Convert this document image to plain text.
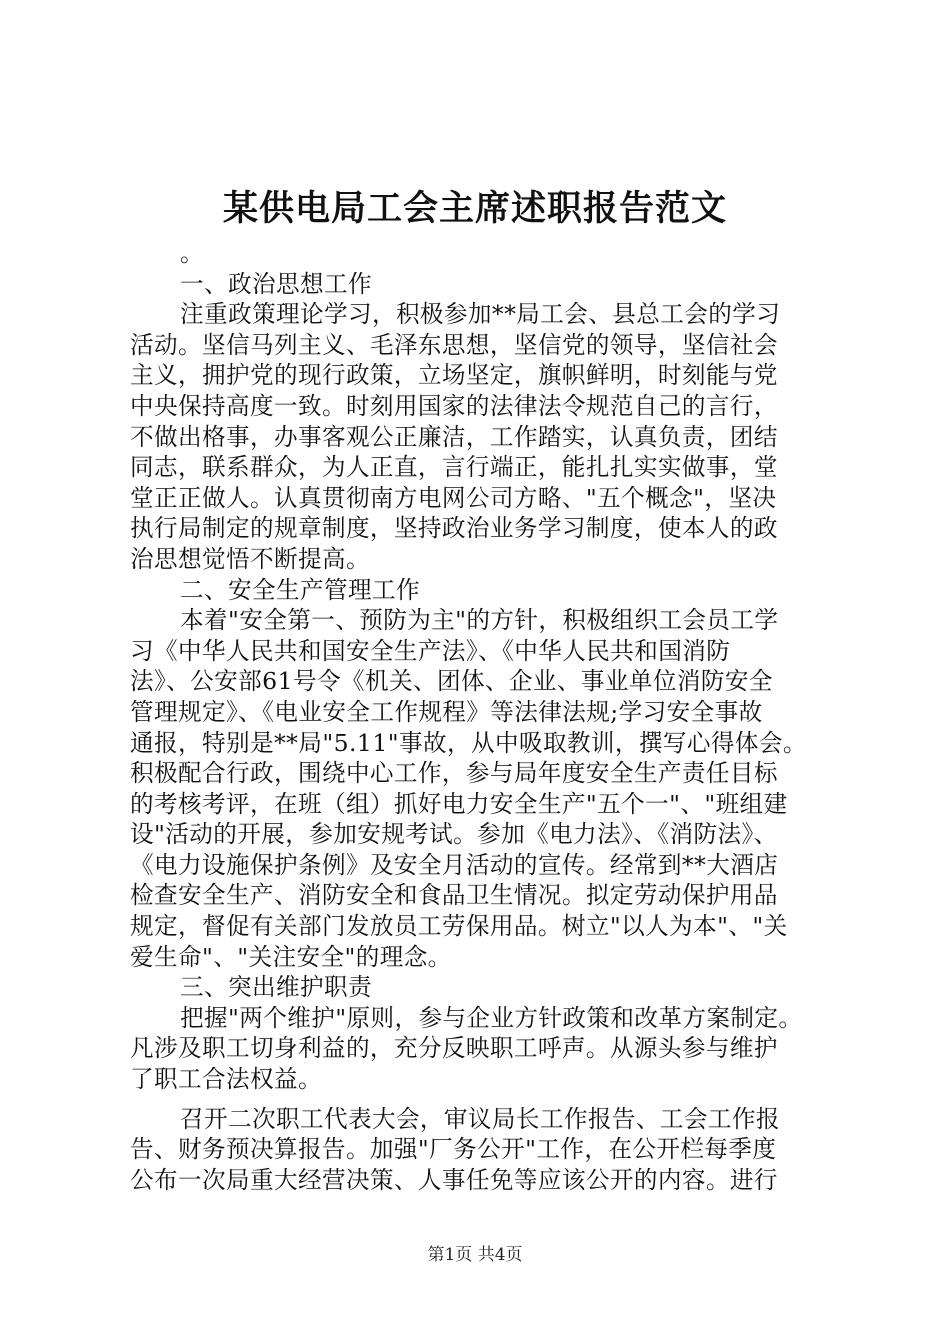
某供电局工会主席述职报告范文
。
一、政治思想工作
注重政策理论学习，积极参加**局工会、县总工会的学习
活动。坚信马列主义、毛泽东思想，坚信党的领导，坚信社会
主义，拥护党的现行政策，立场坚定，旗帜鲜明，时刻能与党
中央保持高度一致。时刻用国家的法律法令规范自己的言行，
不做出格事，办事客观公正廉洁，工作踏实，认真负责，团结
同志，联系群众，为人正直，言行端正，能扎扎实实做事，堂
堂正正做人。认真贯彻南方电网公司方略、"五个概念"，坚决
执行局制定的规章制度，坚持政治业务学习制度，使本人的政
治思想觉悟不断提高。
二、安全生产管理工作
本着"安全第一、预防为主"的方针，积极组织工会员工学
习《中华人民共和国安全生产法》、《中华人民共和国消防
法》、公安部61号令《机关、团体、企业、事业单位消防安全
管理规定》、《电业安全工作规程》等法律法规;学习安全事故
通报，特别是**局"5.11"事故，从中吸取教训，撰写心得体会。
积极配合行政，围绕中心工作，参与局年度安全生产责任目标
的考核考评，在班（组）抓好电力安全生产"五个一"、"班组建
设"活动的开展，参加安规考试。参加《电力法》、《消防法》、
《电力设施保护条例》及安全月活动的宣传。经常到**大酒店
检查安全生产、消防安全和食品卫生情况。拟定劳动保护用品
规定，督促有关部门发放员工劳保用品。树立"以人为本"、"关
爱生命"、"关注安全"的理念。
三、突出维护职责
把握"两个维护"原则，参与企业方针政策和改革方案制定。
凡涉及职工切身利益的，充分反映职工呼声。从源头参与维护
了职工合法权益。
召开二次职工代表大会，审议局长工作报告、工会工作报
告、财务预决算报告。加强"厂务公开"工作，在公开栏每季度
公布一次局重大经营决策、人事任免等应该公开的内容。进行
第1页 共4页
